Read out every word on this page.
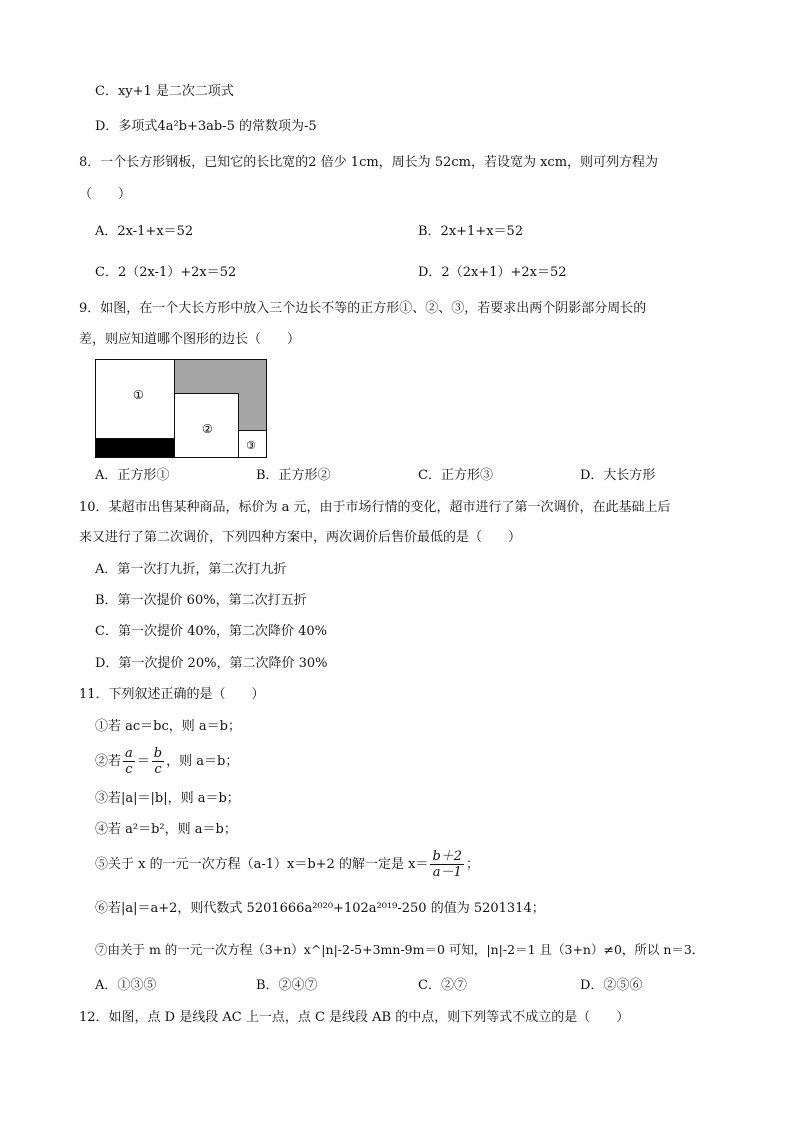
C．xy+1 是二次二项式
D．多项式4a²b+3ab-5 的常数项为-5
8．一个长方形钢板，已知它的长比宽的2 倍少 1cm，周长为 52cm，若设宽为 xcm，则可列方程为
（　　）
A．2x-1+x＝52	B．2x+1+x＝52
C．2（2x-1）+2x＝52	D．2（2x+1）+2x＝52
9．如图，在一个大长方形中放入三个边长不等的正方形①、②、③，若要求出两个阴影部分周长的
差，则应知道哪个图形的边长（　　）
①
②
③
A．正方形①	B．正方形②	C．正方形③	D．大长方形
10．某超市出售某种商品，标价为 a 元，由于市场行情的变化，超市进行了第一次调价，在此基础上后
来又进行了第二次调价，下列四种方案中，两次调价后售价最低的是（　　）
A．第一次打九折，第二次打九折
B．第一次提价 60%，第二次打五折
C．第一次提价 40%，第二次降价 40%
D．第一次提价 20%，第二次降价 30%
11．下列叙述正确的是（　　）
①若 ac＝bc，则 a＝b；
②若 $\frac{a}{c} = \frac{b}{c}$ ，则 a＝b；
③若|a|＝|b|，则 a＝b；
④若 a²＝b²，则 a＝b；
⑤关于 x 的一元一次方程（a-1）x＝b+2 的解一定是 $x= \frac{b+2}{a-1}$ ；
⑥若|a|＝a+2，则代数式 5201666a²⁰²⁰+102a²⁰¹⁹-250 的值为 5201314；
⑦由关于 m 的一元一次方程（3+n）x^|n|-2-5+3mn-9m＝0 可知，|n|-2＝1 且（3+n）≠0，所以 n＝3．
A．①③⑤	B．②④⑦	C．②⑦	D．②⑤⑥
12．如图，点 D 是线段 AC 上一点，点 C 是线段 AB 的中点，则下列等式不成立的是（　　）
